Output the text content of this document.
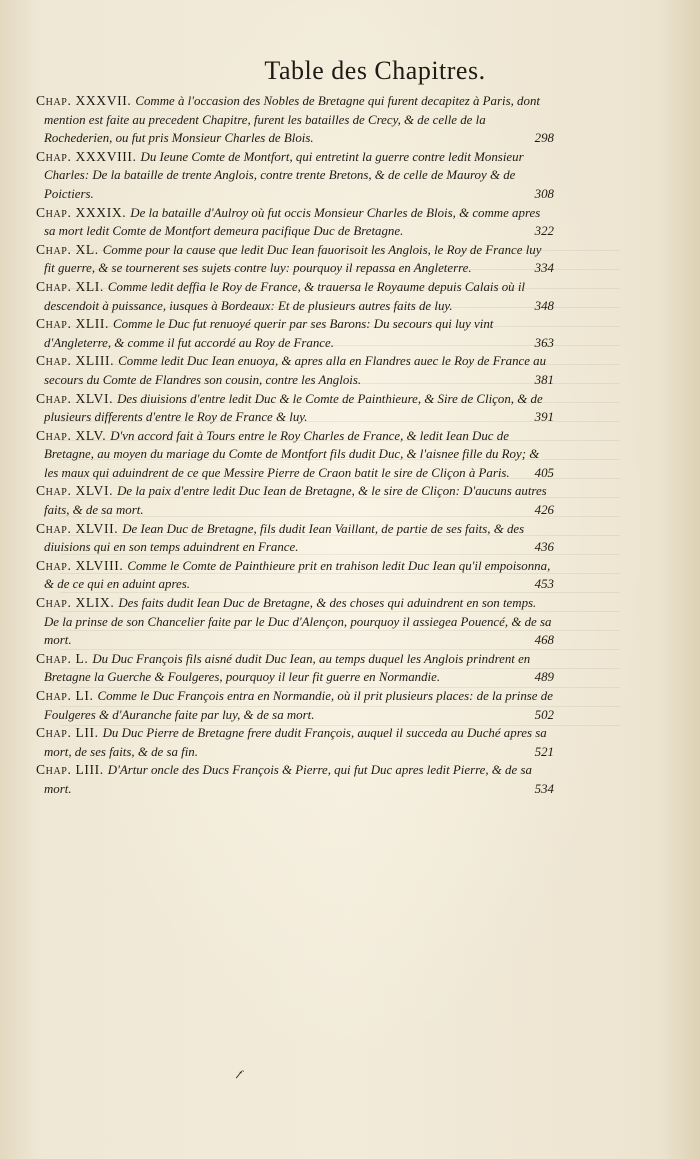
Table des Chapitres.
Chap. XXXVII. Comme à l'occasion des Nobles de Bretagne qui furent decapitez à Paris, dont mention est faite au precedent Chapitre, furent les batailles de Crecy, & de celle de la Rochederien, ou fut pris Monsieur Charles de Blois.	298
Chap. XXXVIII. Du Ieune Comte de Montfort, qui entretint la guerre contre ledit Monsieur Charles: De la bataille de trente Anglois, contre trente Bretons, & de celle de Mauroy & de Poictiers.	308
Chap. XXXIX. De la bataille d'Aulroy où fut occis Monsieur Charles de Blois, & comme apres sa mort ledit Comte de Montfort demeura pacifique Duc de Bretagne.	322
Chap. XL. Comme pour la cause que ledit Duc Iean fauorisoit les Anglois, le Roy de France luy fit guerre, & se tournerent ses sujets contre luy: pourquoy il repassa en Angleterre.	334
Chap. XLI. Comme ledit deffia le Roy de France, & trauersa le Royaume depuis Calais où il descendoit à puissance, iusques à Bordeaux: Et de plusieurs autres faits de luy.	348
Chap. XLII. Comme le Duc fut renuoyé querir par ses Barons: Du secours qui luy vint d'Angleterre, & comme il fut accordé au Roy de France.	363
Chap. XLIII. Comme ledit Duc Iean enuoya, & apres alla en Flandres auec le Roy de France au secours du Comte de Flandres son cousin, contre les Anglois.	381
Chap. XLVI. Des diuisions d'entre ledit Duc & le Comte de Painthieure, & Sire de Cliçon, & de plusieurs differents d'entre le Roy de France & luy.	391
Chap. XLV. D'vn accord fait à Tours entre le Roy Charles de France, & ledit Iean Duc de Bretagne, au moyen du mariage du Comte de Montfort fils dudit Duc, & l'aisnee fille du Roy; & les maux qui aduindrent de ce que Messire Pierre de Craon batit le sire de Cliçon à Paris.	405
Chap. XLVI. De la paix d'entre ledit Duc Iean de Bretagne, & le sire de Cliçon: D'aucuns autres faits, & de sa mort.	426
Chap. XLVII. De Iean Duc de Bretagne, fils dudit Iean Vaillant, de partie de ses faits, & des diuisions qui en son temps aduindrent en France.	436
Chap. XLVIII. Comme le Comte de Painthieure prit en trahison ledit Duc Iean qu'il empoisonna, & de ce qui en aduint apres.	453
Chap. XLIX. Des faits dudit Iean Duc de Bretagne, & des choses qui aduindrent en son temps. De la prinse de son Chancelier faite par le Duc d'Alençon, pourquoy il assiegea Pouencé, & de sa mort.	468
Chap. L. Du Duc François fils aisné dudit Duc Iean, au temps duquel les Anglois prindrent en Bretagne la Guerche & Foulgeres, pourquoy il leur fit guerre en Normandie.	489
Chap. LI. Comme le Duc François entra en Normandie, où il prit plusieurs places: de la prinse de Foulgeres & d'Auranche faite par luy, & de sa mort.	502
Chap. LII. Du Duc Pierre de Bretagne frere dudit François, auquel il succeda au Duché apres sa mort, de ses faits, & de sa fin.	521
Chap. LIII. D'Artur oncle des Ducs François & Pierre, qui fut Duc apres ledit Pierre, & de sa mort.	534
f
